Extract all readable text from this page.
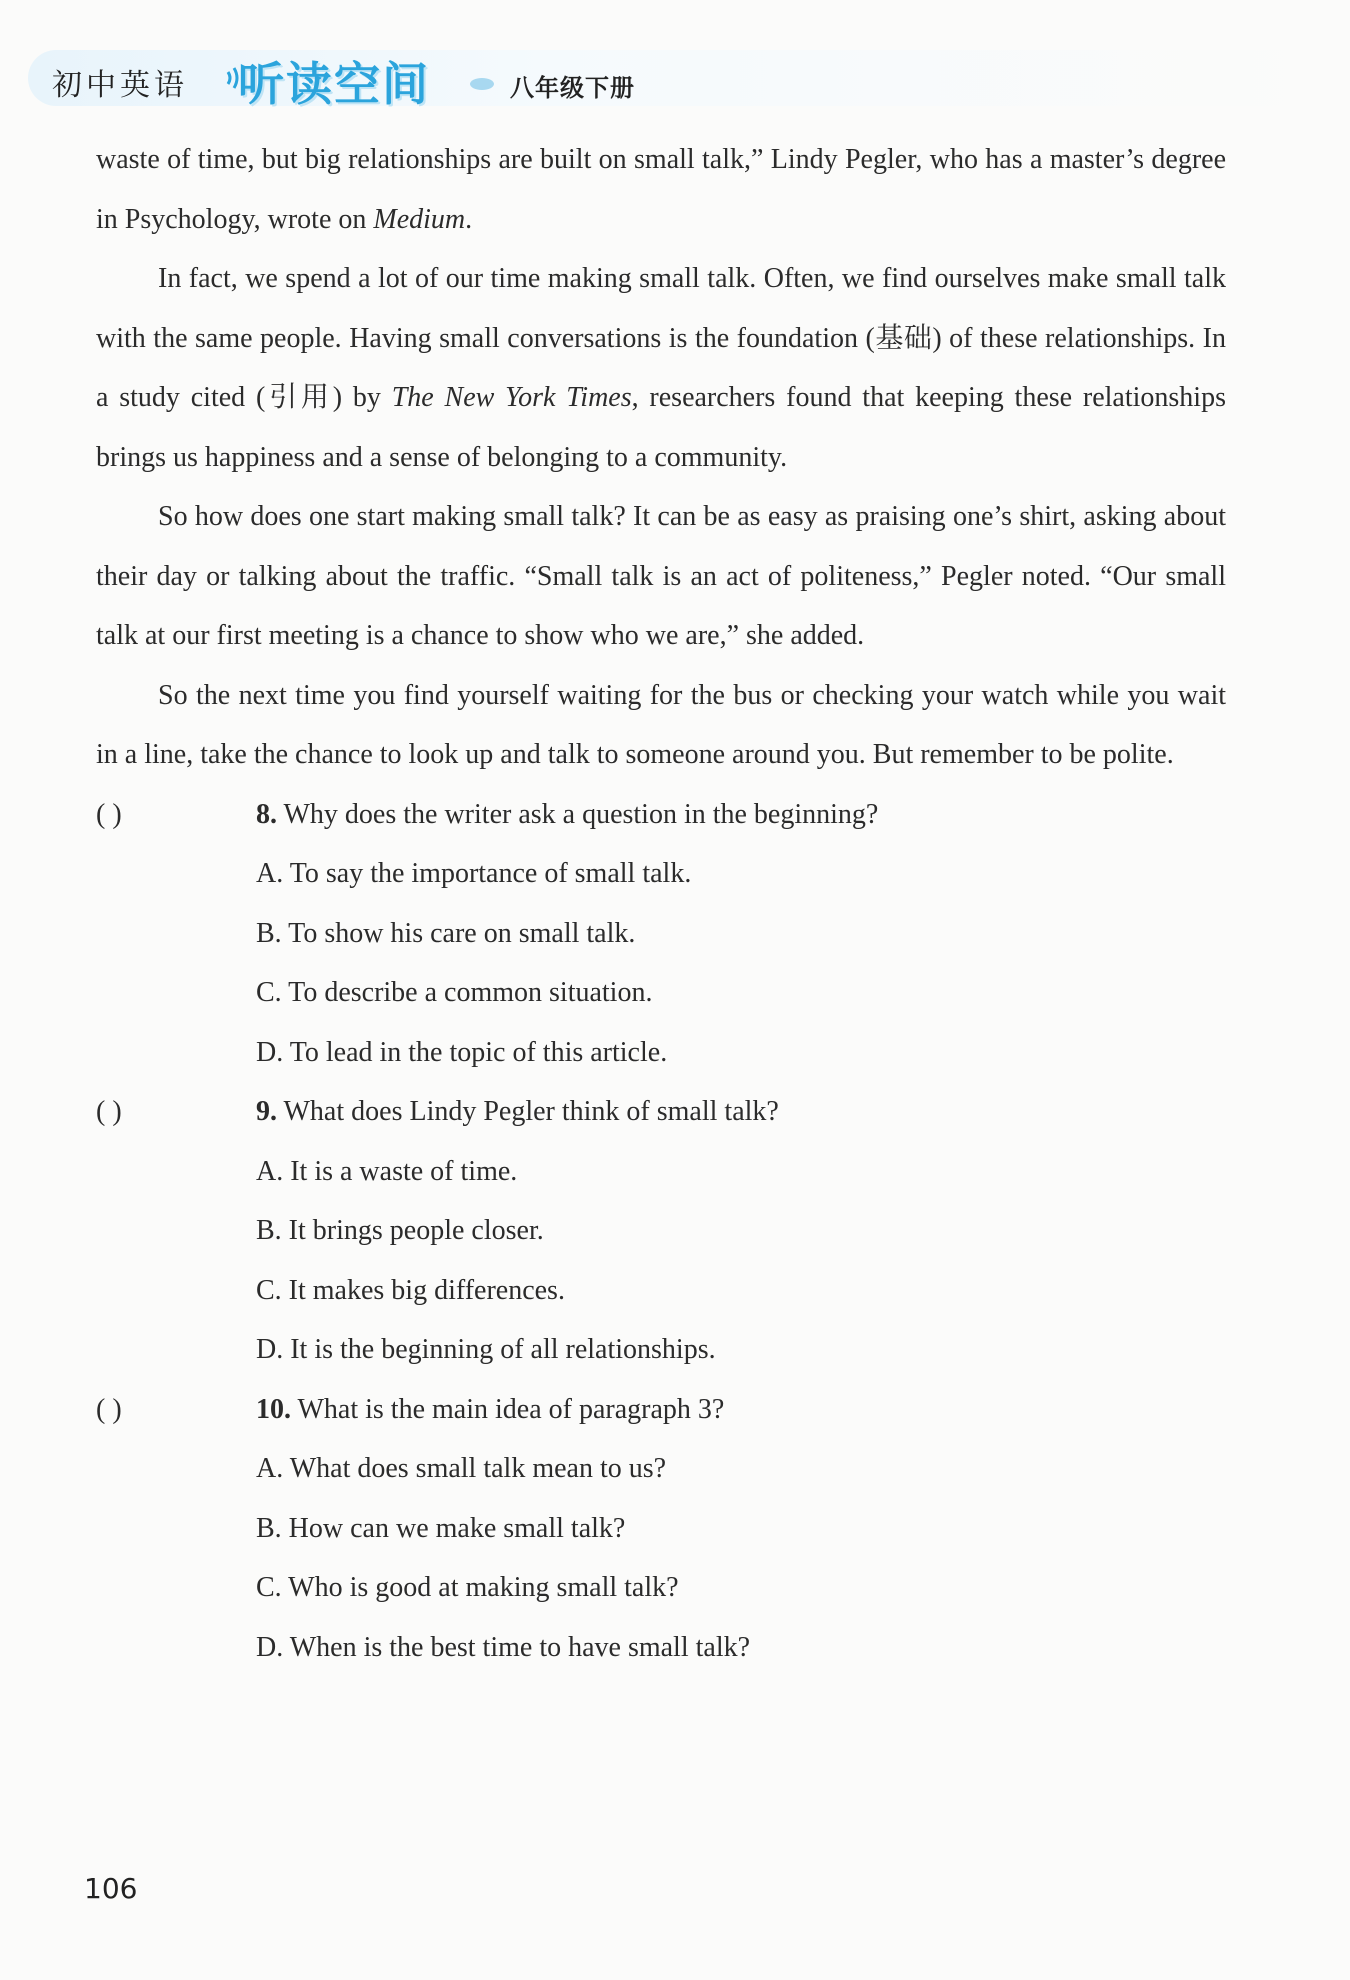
初中英语 听读空间	八年级下册

waste of time, but big relationships are built on small talk,” Lindy Pegler, who has a master’s degree in Psychology, wrote on Medium.

In fact, we spend a lot of our time making small talk. Often, we find ourselves make small talk with the same people. Having small conversations is the foundation (基础) of these relationships. In a study cited (引用) by The New York Times, researchers found that keeping these relationships brings us happiness and a sense of belonging to a community.

So how does one start making small talk? It can be as easy as praising one’s shirt, asking about their day or talking about the traffic. “Small talk is an act of politeness,” Pegler noted. “Our small talk at our first meeting is a chance to show who we are,” she added.

So the next time you find yourself waiting for the bus or checking your watch while you wait in a line, take the chance to look up and talk to someone around you. But remember to be polite.

( )	8. Why does the writer ask a question in the beginning?
A. To say the importance of small talk.
B. To show his care on small talk.
C. To describe a common situation.
D. To lead in the topic of this article.
( )	9. What does Lindy Pegler think of small talk?
A. It is a waste of time.
B. It brings people closer.
C. It makes big differences.
D. It is the beginning of all relationships.
( )	10. What is the main idea of paragraph 3?
A. What does small talk mean to us?
B. How can we make small talk?
C. Who is good at making small talk?
D. When is the best time to have small talk?
106
